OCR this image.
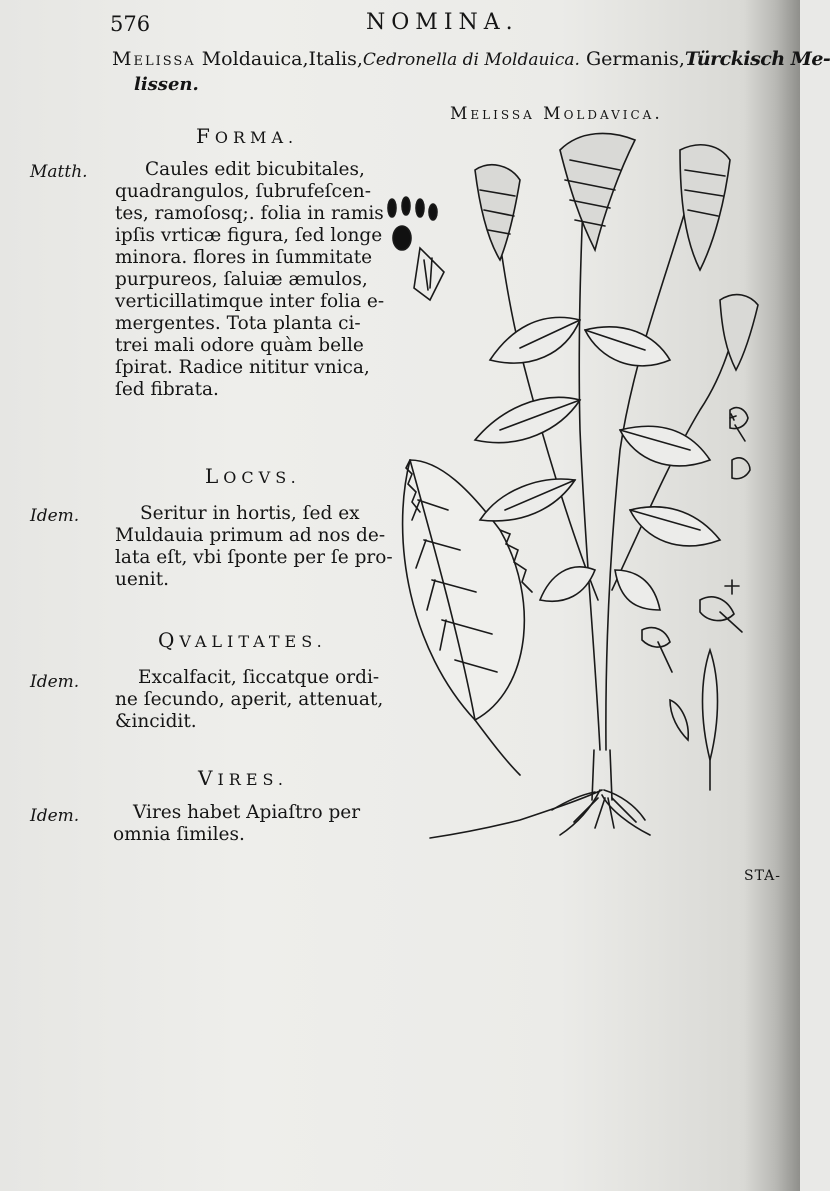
576	NOMINA.
Melissa Moldauica,Italis,Cedronella di Moldauica. Germanis,Türckisch Me-
lissen.
Melissa Moldavica.
FORMA.
Matth.	Caules edit bicubitales,
quadrangulos, ſubrufeſcen-
tes, ramoſosq;. folia in ramis
ipſis vrticæ figura, ſed longe
minora. flores in ſummitate
purpureos, ſaluiæ æmulos,
verticillatimque inter folia e-
mergentes. Tota planta ci-
trei mali odore quàm belle
ſpirat. Radice nititur vnica,
ſed fibrata.
LOCVS.
Idem.	Seritur in hortis, ſed ex
Muldauia primum ad nos de-
lata eſt, vbi ſponte per ſe pro-
uenit.
QVALITATES.
Idem.	Excalfacit, ſiccatque ordi-
ne ſecundo, aperit, attenuat,
&incidit.
VIRES.
Idem.	Vires habet Apiaſtro per
omnia ſimiles.
STA-
